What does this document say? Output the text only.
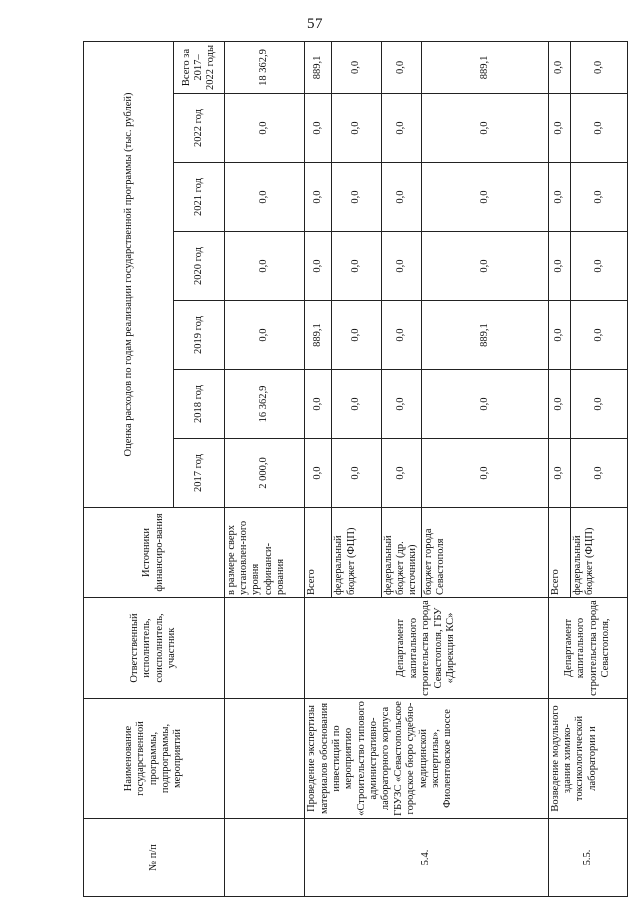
57
№ п/п	Наименование государственной программы, подпрограммы, мероприятий	Ответственный исполнитель, соисполнитель, участник	Источники финансиро-вания	Оценка расходов по годам реализации государственной программы (тыс. рублей)						
				2017 год	2018 год	2019 год	2020 год	2021 год	2022 год	Всего за 2017–2022 годы
			в размере сверх установлен-ного уровня софинанси-рования	2 000,0	16 362,9	0,0	0,0	0,0	0,0	18 362,9
5.4.	Проведение экспертизы материалов обоснования инвестиций по мероприятию «Строительство типового административно-лабораторного корпуса ГБУЗС «Севастопольское городское бюро судебно-медицинской экспертизы», Фиолентовское шоссе	Департамент капитального строительства города Севастополя, ГБУ «Дирекция КС»	Всего	0,0	0,0	889,1	0,0	0,0	0,0	889,1
			федеральный бюджет (ФЦП)	0,0	0,0	0,0	0,0	0,0	0,0	0,0
			федеральный бюджет (др. источники)	0,0	0,0	0,0	0,0	0,0	0,0	0,0
			бюджет города Севастополя	0,0	0,0	889,1	0,0	0,0	0,0	889,1
5.5.	Возведение модульного здания химико-токсикологической лаборатории и	Департамент капитального строительства города Севастополя,	Всего	0,0	0,0	0,0	0,0	0,0	0,0	0,0
			федеральный бюджет (ФЦП)	0,0	0,0	0,0	0,0	0,0	0,0	0,0
